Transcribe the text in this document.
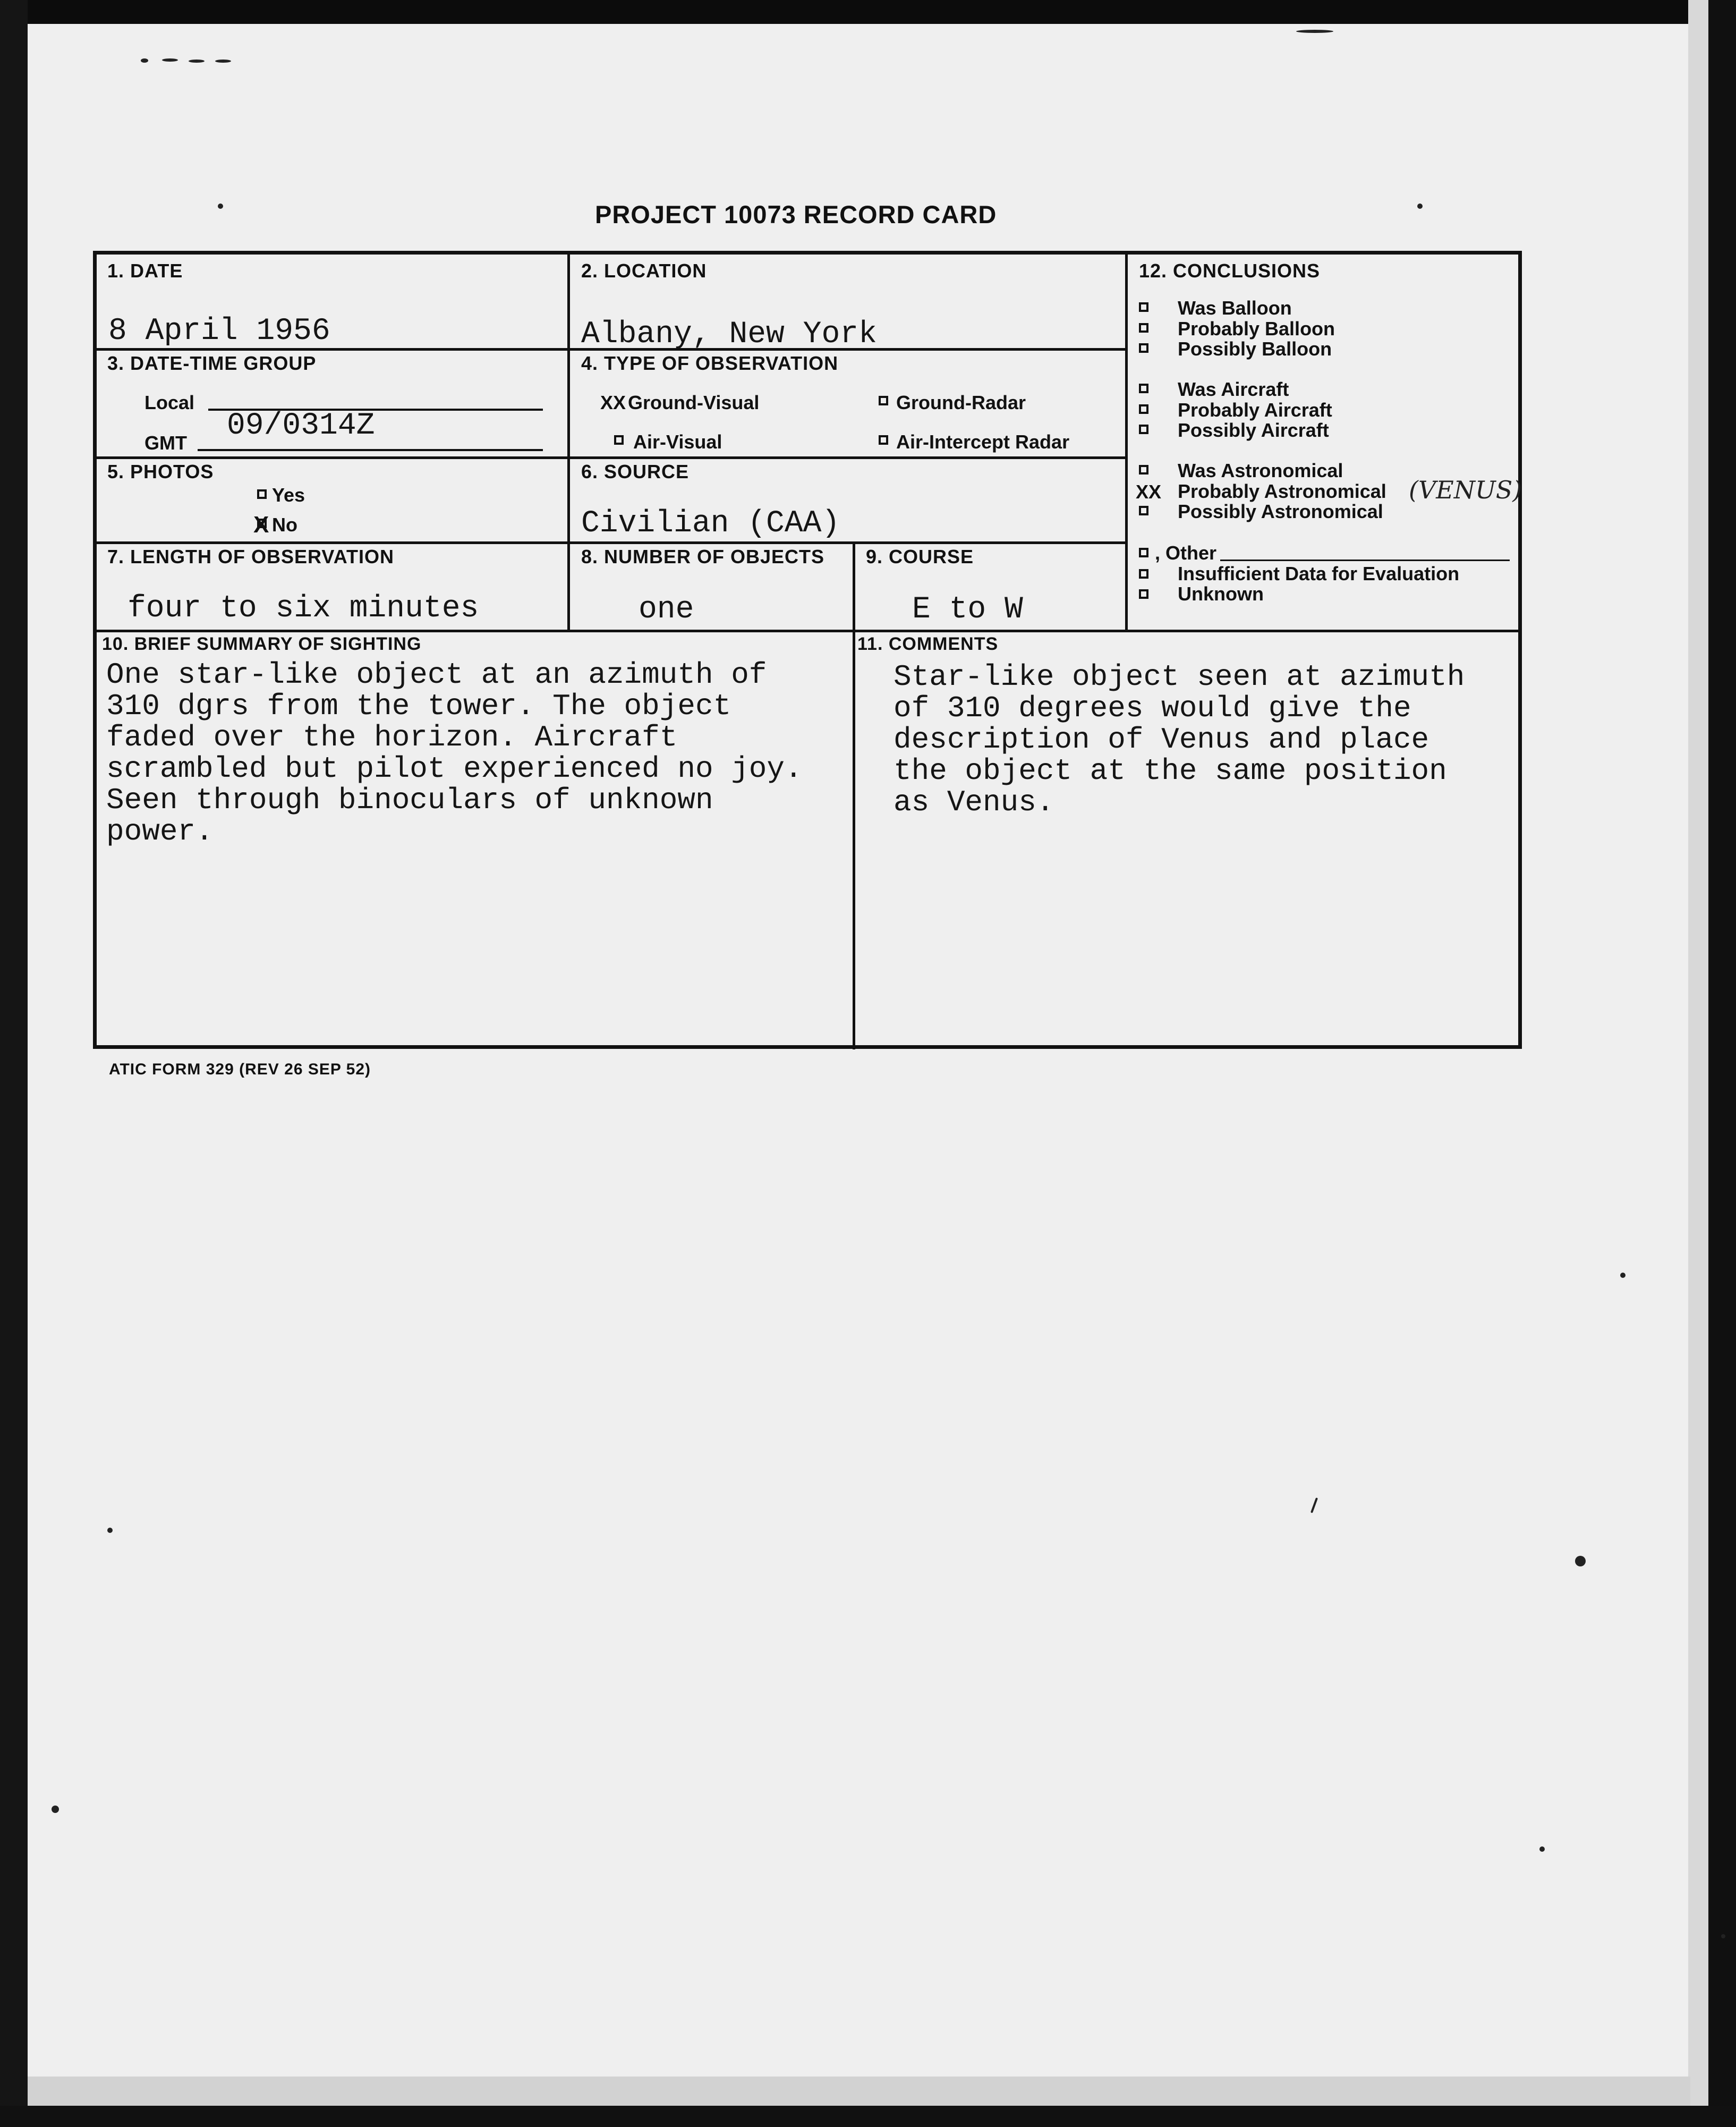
PROJECT 10073 RECORD CARD
1. DATE
8 April 1956
2. LOCATION
Albany, New York
3. DATE-TIME GROUP
Local
GMT 09/0314Z
4. TYPE OF OBSERVATION
XX Ground-Visual	Ground-Radar
Air-Visual	Air-Intercept Radar
5. PHOTOS
Yes
X No
6. SOURCE
Civilian (CAA)
7. LENGTH OF OBSERVATION
four to six minutes
8. NUMBER OF OBJECTS
one
9. COURSE
E to W
10. BRIEF SUMMARY OF SIGHTING
One star-like object at an azimuth of
310 dgrs from the tower. The object
faded over the horizon. Aircraft
scrambled but pilot experienced no joy.
Seen through binoculars of unknown
power.
11. COMMENTS
Star-like object seen at azimuth
of 310 degrees would give the
description of Venus and place
the object at the same position
as Venus.
12. CONCLUSIONS
Was Balloon
Probably Balloon
Possibly Balloon
Was Aircraft
Probably Aircraft
Possibly Aircraft
Was Astronomical
XX Probably Astronomical (VENUS)
Possibly Astronomical
, Other
Insufficient Data for Evaluation
Unknown
ATIC FORM 329 (REV 26 SEP 52)
